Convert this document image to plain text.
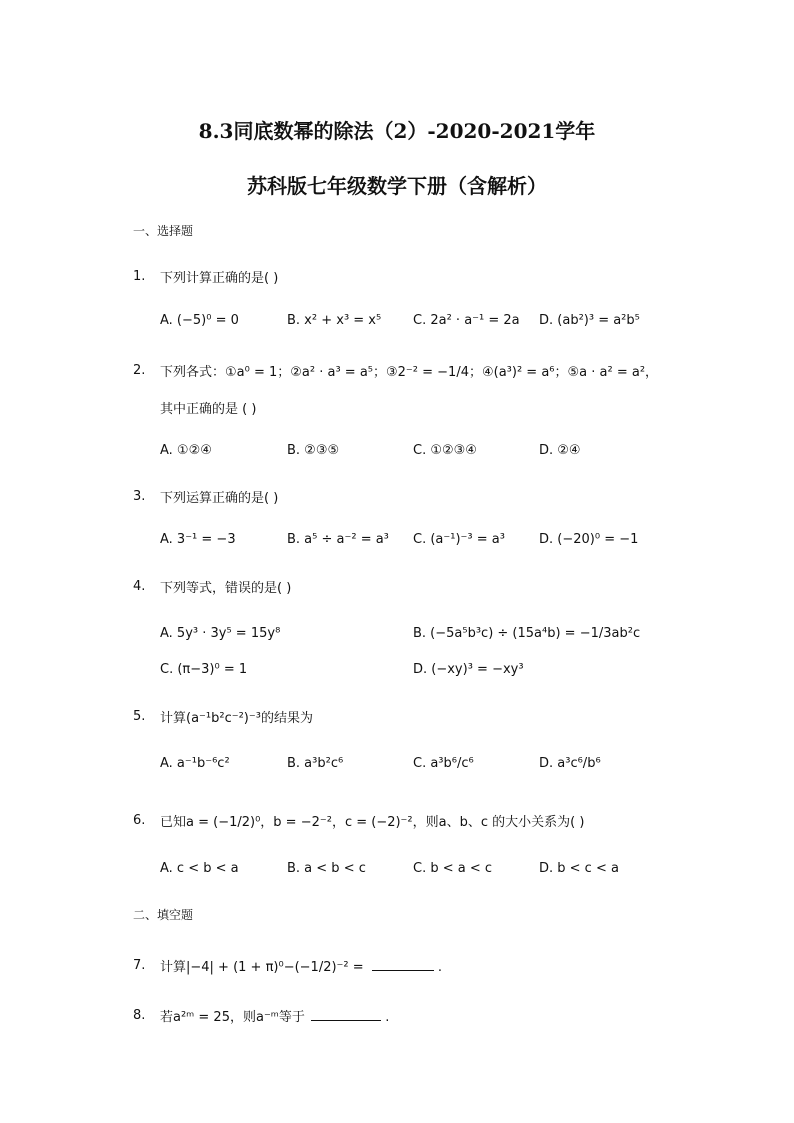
8.3同底数幂的除法（2）-2020-2021学年
苏科版七年级数学下册（含解析）
一、选择题
1. 下列计算正确的是( )
A. (−5)⁰ = 0	B. x² + x³ = x⁵ C. 2a² · a⁻¹ = 2a D. (ab²)³ = a²b⁵
2. 下列各式：①a⁰ = 1；②a² · a³ = a⁵；③2⁻² = −1/4；④(a³)² = a⁶；⑤a · a² = a²，
其中正确的是 ( )
A. ①②④	B. ②③⑤	C. ①②③④	D. ②④
3. 下列运算正确的是( )
A. 3⁻¹ = −3	B. a⁵ ÷ a⁻² = a³ C. (a⁻¹)⁻³ = a³	D. (−20)⁰ = −1
4. 下列等式，错误的是( )
A. 5y³ · 3y⁵ = 15y⁸	B. (−5a⁵b³c) ÷ (15a⁴b) = −1/3ab²c
C. (π−3)⁰ = 1	D. (−xy)³ = −xy³
5. 计算(a⁻¹b²c⁻²)⁻³的结果为
A. a⁻¹b⁻⁶c²	B. a³b²c⁶	C. a³b⁶/c⁶	D. a³c⁶/b⁶
6. 已知a = (−1/2)⁰，b = −2⁻²，c = (−2)⁻²，则a、b、c 的大小关系为( )
A. c < b < a	B. a < b < c	C. b < a < c	D. b < c < a
二、填空题
7. 计算|−4| + (1 + π)⁰−(−1/2)⁻² =	.
8. 若a²ᵐ = 25，则a⁻ᵐ等于	.
